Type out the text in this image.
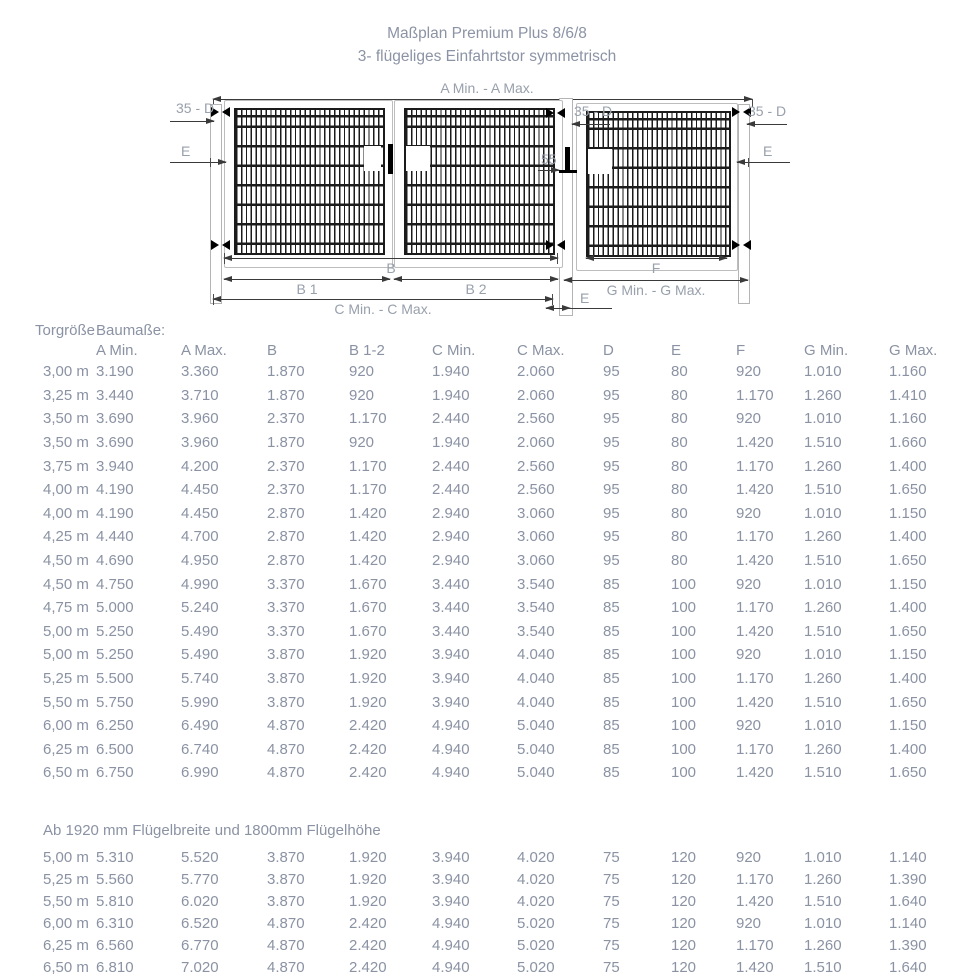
Maßplan Premium Plus 8/6/8
3- flügeliges Einfahrtstor symmetrisch
A Min. - A Max.
35 - D	35 - D	35 - D
E	E
55
B
B 1	B 2
C Min. - C Max.
F
G Min. - G Max.
E
Torgröße Baumaße:
A Min.	A Max.	B	B 1-2	C Min.	C Max.	D	E	F	G Min.	G Max.
3,00 m 3.190	3.360	1.870	920	1.940	2.060	95	80	920	1.010	1.160
3,25 m 3.440	3.710	1.870	920	1.940	2.060	95	80	1.170	1.260	1.410
3,50 m 3.690	3.960	2.370	1.170	2.440	2.560	95	80	920	1.010	1.160
3,50 m 3.690	3.960	1.870	920	1.940	2.060	95	80	1.420	1.510	1.660
3,75 m 3.940	4.200	2.370	1.170	2.440	2.560	95	80	1.170	1.260	1.400
4,00 m 4.190	4.450	2.370	1.170	2.440	2.560	95	80	1.420	1.510	1.650
4,00 m 4.190	4.450	2.870	1.420	2.940	3.060	95	80	920	1.010	1.150
4,25 m 4.440	4.700	2.870	1.420	2.940	3.060	95	80	1.170	1.260	1.400
4,50 m 4.690	4.950	2.870	1.420	2.940	3.060	95	80	1.420	1.510	1.650
4,50 m 4.750	4.990	3.370	1.670	3.440	3.540	85	100	920	1.010	1.150
4,75 m 5.000	5.240	3.370	1.670	3.440	3.540	85	100	1.170	1.260	1.400
5,00 m 5.250	5.490	3.370	1.670	3.440	3.540	85	100	1.420	1.510	1.650
5,00 m 5.250	5.490	3.870	1.920	3.940	4.040	85	100	920	1.010	1.150
5,25 m 5.500	5.740	3.870	1.920	3.940	4.040	85	100	1.170	1.260	1.400
5,50 m 5.750	5.990	3.870	1.920	3.940	4.040	85	100	1.420	1.510	1.650
6,00 m 6.250	6.490	4.870	2.420	4.940	5.040	85	100	920	1.010	1.150
6,25 m 6.500	6.740	4.870	2.420	4.940	5.040	85	100	1.170	1.260	1.400
6,50 m 6.750	6.990	4.870	2.420	4.940	5.040	85	100	1.420	1.510	1.650
Ab 1920 mm Flügelbreite und 1800mm Flügelhöhe
5,00 m 5.310	5.520	3.870	1.920	3.940	4.020	75	120	920	1.010	1.140
5,25 m 5.560	5.770	3.870	1.920	3.940	4.020	75	120	1.170	1.260	1.390
5,50 m 5.810	6.020	3.870	1.920	3.940	4.020	75	120	1.420	1.510	1.640
6,00 m 6.310	6.520	4.870	2.420	4.940	5.020	75	120	920	1.010	1.140
6,25 m 6.560	6.770	4.870	2.420	4.940	5.020	75	120	1.170	1.260	1.390
6,50 m 6.810	7.020	4.870	2.420	4.940	5.020	75	120	1.420	1.510	1.640
